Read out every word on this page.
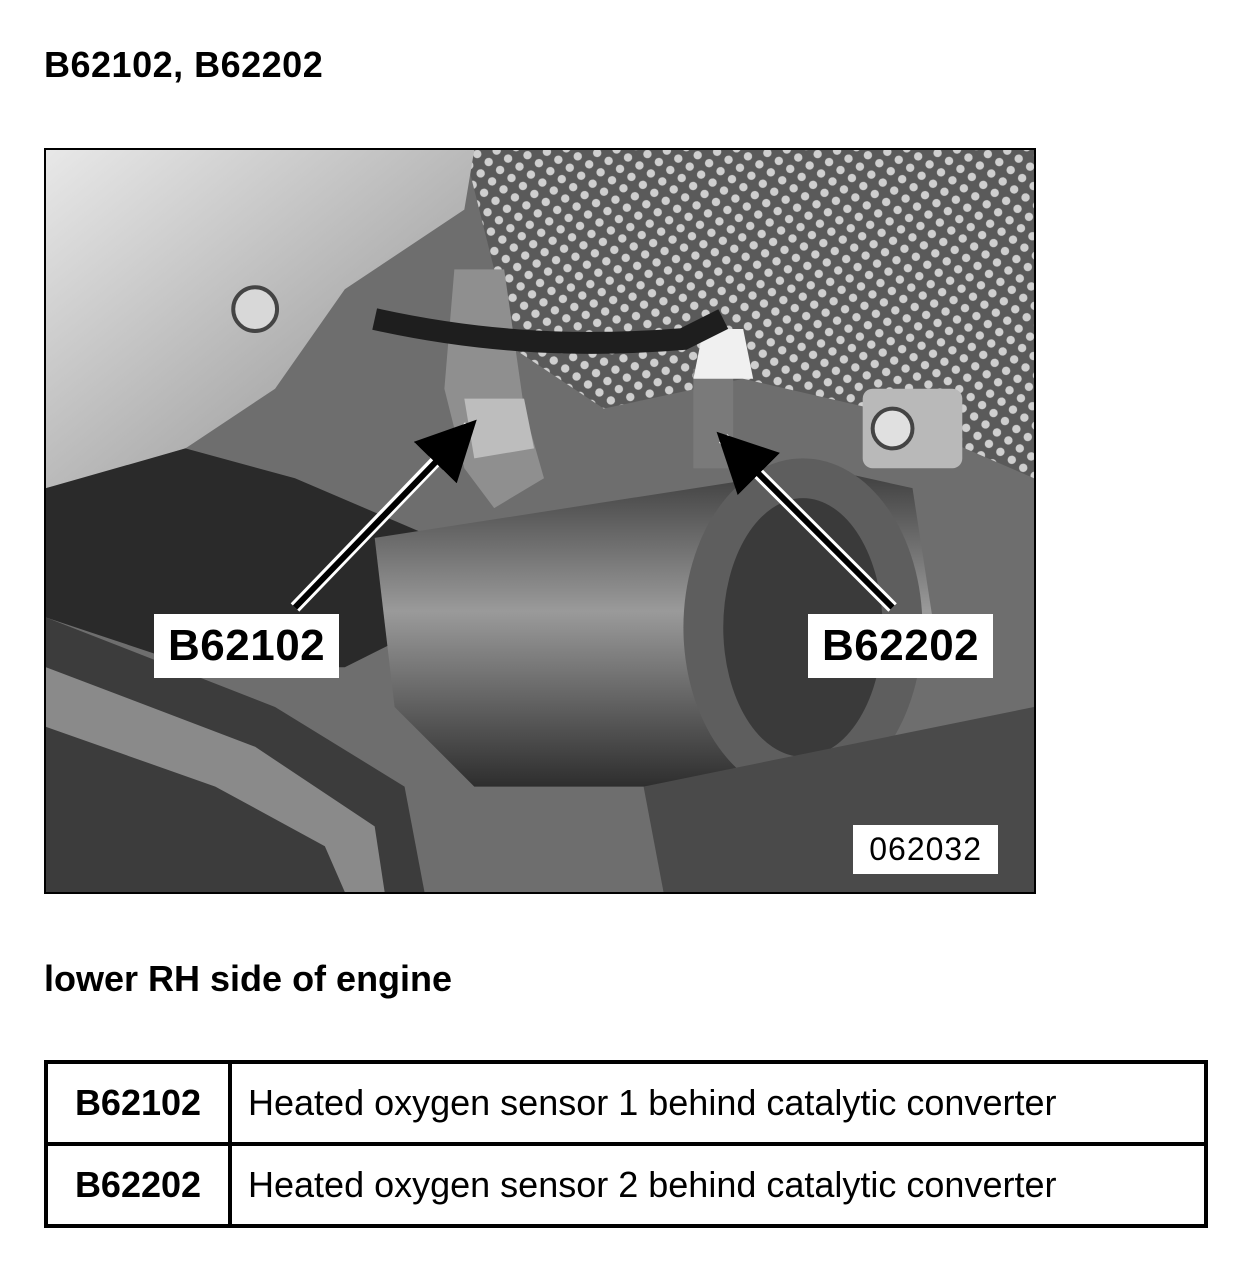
B62102, B62202
B62102	B62202
062032
lower RH side of engine
B62102	Heated oxygen sensor 1 behind catalytic converter
B62202	Heated oxygen sensor 2 behind catalytic converter
